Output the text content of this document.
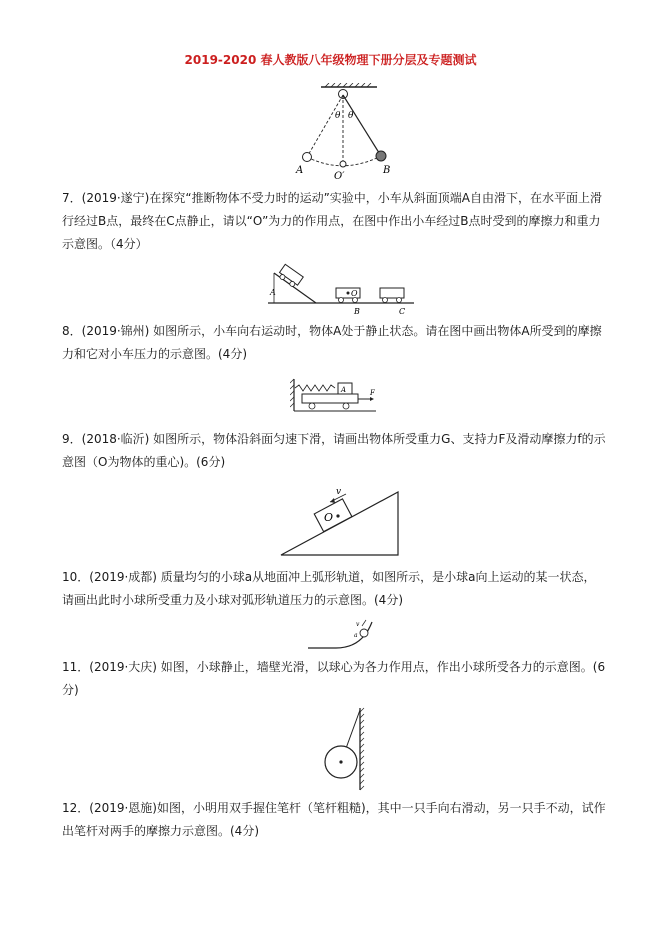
2019-2020 春人教版八年级物理下册分层及专题测试
θ θ
A
O′
B
7．(2019·遂宁)在探究“推断物体不受力时的运动”实验中，小车从斜面顶端A自由滑下，在水平面上滑行经过B点，最终在C点静止，请以“O”为力的作用点，在图中作出小车经过B点时受到的摩擦力和重力示意图。（4分）
A	O
B	C
8．(2019·锦州) 如图所示，小车向右运动时，物体A处于静止状态。请在图中画出物体A所受到的摩擦力和它对小车压力的示意图。(4分)
A	F
9．(2018·临沂) 如图所示，物体沿斜面匀速下滑，请画出物体所受重力G、支持力F及滑动摩擦力f的示意图（O为物体的重心)。(6分)
v
O
10．(2019·成都) 质量均匀的小球a从地面冲上弧形轨道，如图所示，是小球a向上运动的某一状态，请画出此时小球所受重力及小球对弧形轨道压力的示意图。(4分)
v
a
11．(2019·大庆) 如图，小球静止，墙壁光滑，以球心为各力作用点，作出小球所受各力的示意图。(6分)
12．(2019·恩施)如图，小明用双手握住笔杆（笔杆粗糙)，其中一只手向右滑动，另一只手不动，试作出笔杆对两手的摩擦力示意图。(4分)
